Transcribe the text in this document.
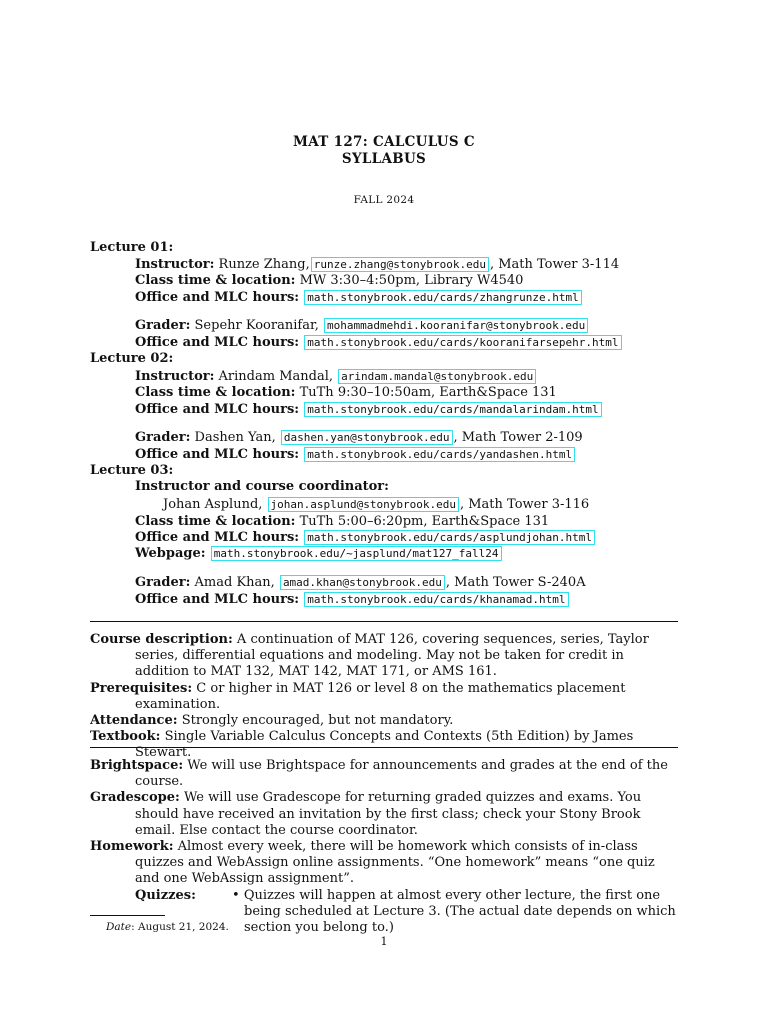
MAT 127: CALCULUS C
SYLLABUS
FALL 2024
Lecture 01:
Instructor: Runze Zhang, runze.zhang@stonybrook.edu , Math Tower 3-114
Class time & location: MW 3:30–4:50pm, Library W4540
Office and MLC hours: math.stonybrook.edu/cards/zhangrunze.html
Grader: Sepehr Kooranifar, mohammadmehdi.kooranifar@stonybrook.edu
Office and MLC hours: math.stonybrook.edu/cards/kooranifarsepehr.html
Lecture 02:
Instructor: Arindam Mandal, arindam.mandal@stonybrook.edu
Class time & location: TuTh 9:30–10:50am, Earth&Space 131
Office and MLC hours: math.stonybrook.edu/cards/mandalarindam.html
Grader: Dashen Yan, dashen.yan@stonybrook.edu , Math Tower 2-109
Office and MLC hours: math.stonybrook.edu/cards/yandashen.html
Lecture 03:
Instructor and course coordinator:
Johan Asplund, johan.asplund@stonybrook.edu , Math Tower 3-116
Class time & location: TuTh 5:00–6:20pm, Earth&Space 131
Office and MLC hours: math.stonybrook.edu/cards/asplundjohan.html
Webpage: math.stonybrook.edu/~jasplund/mat127_fall24
Grader: Amad Khan, amad.khan@stonybrook.edu , Math Tower S-240A
Office and MLC hours: math.stonybrook.edu/cards/khanamad.html
Course description: A continuation of MAT 126, covering sequences, series, Taylor series, differential equations and modeling. May not be taken for credit in addition to MAT 132, MAT 142, MAT 171, or AMS 161.
Prerequisites: C or higher in MAT 126 or level 8 on the mathematics placement examination.
Attendance: Strongly encouraged, but not mandatory.
Textbook: Single Variable Calculus Concepts and Contexts (5th Edition) by James Stewart.
Brightspace: We will use Brightspace for announcements and grades at the end of the course.
Gradescope: We will use Gradescope for returning graded quizzes and exams. You should have received an invitation by the first class; check your Stony Brook email. Else contact the course coordinator.
Homework: Almost every week, there will be homework which consists of in-class quizzes and WebAssign online assignments. “One homework” means “one quiz and one WebAssign assignment”.
Quizzes:	• Quizzes will happen at almost every other lecture, the first one being scheduled at Lecture 3. (The actual date depends on which section you belong to.)
Date: August 21, 2024.
1
